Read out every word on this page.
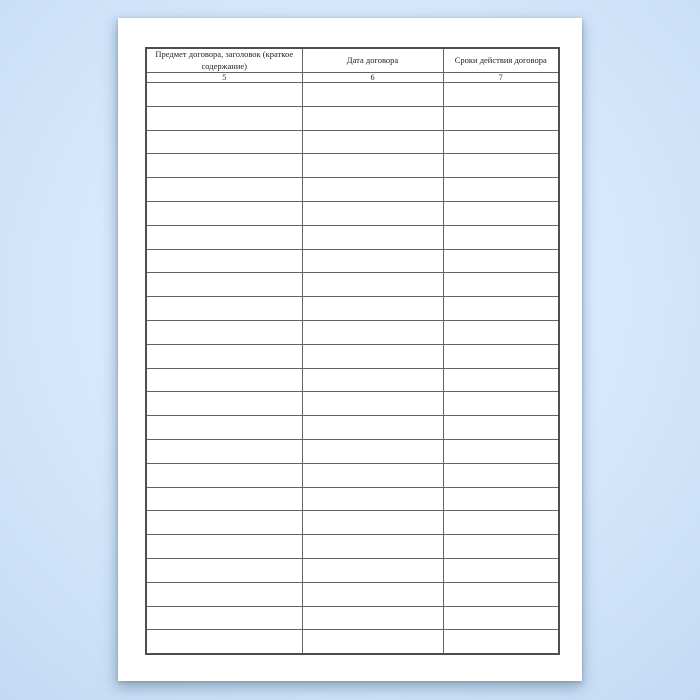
Предмет договора, заголовок (краткое содержание)	Дата договора	Сроки действия договора
5	6	7
